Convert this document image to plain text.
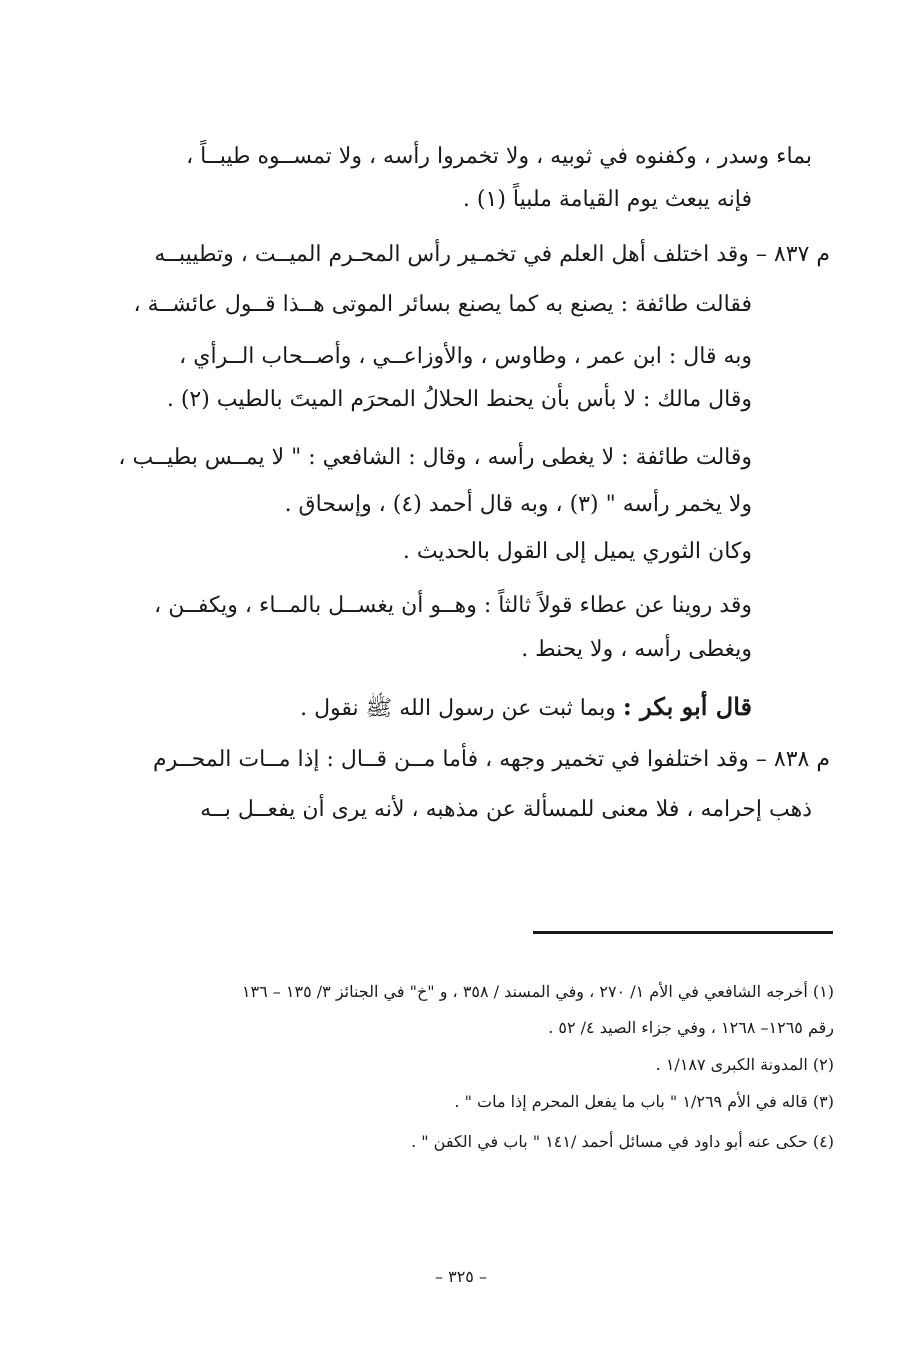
بماء وسدر ، وكفنوه في ثوبيه ، ولا تخمروا رأسه ، ولا تمســوه طيبــاً ،
فإنه يبعث يوم القيامة ملبياً (١) .
م ٨٣٧ – وقد اختلف أهل العلم في تخمـير رأس المحـرم الميــت ، وتطييبــه
فقالت طائفة : يصنع به كما يصنع بسائر الموتى هــذا قــول عائشــة ،
وبه قال : ابن عمر ، وطاوس ، والأوزاعــي ، وأصــحاب الــرأي ،
وقال مالك : لا بأس بأن يحنط الحلالُ المحرَم الميتَ بالطيب (٢) .
وقالت طائفة : لا يغطى رأسه ، وقال : الشافعي : " لا يمــس بطيــب ،
ولا يخمر رأسه " (٣) ، وبه قال أحمد (٤) ، وإسحاق .
وكان الثوري يميل إلى القول بالحديث .
وقد روينا عن عطاء قولاً ثالثاً : وهــو أن يغســل بالمــاء ، ويكفــن ،
ويغطى رأسه ، ولا يحنط .
قال أبو بكر : وبما ثبت عن رسول الله ﷺ نقول .
م ٨٣٨ – وقد اختلفوا في تخمير وجهه ، فأما مــن قــال : إذا مــات المحــرم
ذهب إحرامه ، فلا معنى للمسألة عن مذهبه ، لأنه يرى أن يفعــل بــه
(١) أخرجه الشافعي في الأم ١/ ٢٧٠ ، وفي المسند / ٣٥٨ ، و "خ" في الجنائز ٣/ ١٣٥ – ١٣٦
رقم ١٢٦٥– ١٢٦٨ ، وفي جزاء الصيد ٤/ ٥٢ .
(٢) المدونة الكبرى ١/١٨٧ .
(٣) قاله في الأم ١/٢٦٩ " باب ما يفعل المحرم إذا مات " .
(٤) حكى عنه أبو داود في مسائل أحمد /١٤١ " باب في الكفن " .
– ٣٢٥ –
